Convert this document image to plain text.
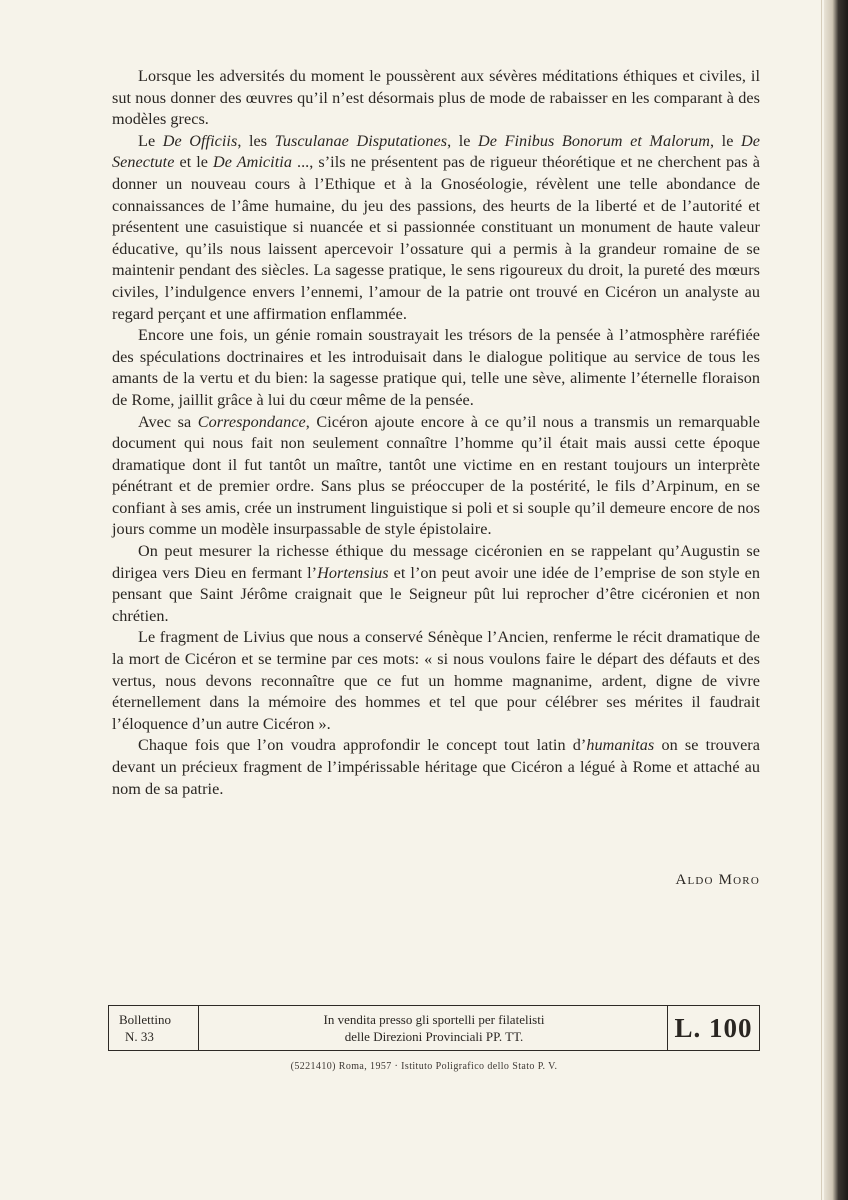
Lorsque les adversités du moment le poussèrent aux sévères méditations éthiques et civiles, il sut nous donner des œuvres qu’il n’est désormais plus de mode de rabaisser en les comparant à des modèles grecs.

Le De Officiis, les Tusculanae Disputationes, le De Finibus Bonorum et Malorum, le De Senectute et le De Amicitia ..., s’ils ne présentent pas de rigueur théorétique et ne cherchent pas à donner un nouveau cours à l’Ethique et à la Gnoséologie, révèlent une telle abondance de connaissances de l’âme humaine, du jeu des passions, des heurts de la liberté et de l’autorité et présentent une casuistique si nuancée et si passionnée constituant un monument de haute valeur éducative, qu’ils nous laissent apercevoir l’ossature qui a permis à la grandeur romaine de se maintenir pendant des siècles. La sagesse pratique, le sens rigoureux du droit, la pureté des mœurs civiles, l’indulgence envers l’ennemi, l’amour de la patrie ont trouvé en Cicéron un analyste au regard perçant et une affirmation enflammée.

Encore une fois, un génie romain soustrayait les trésors de la pensée à l’atmosphère raréfiée des spéculations doctrinaires et les introduisait dans le dialogue politique au service de tous les amants de la vertu et du bien: la sagesse pratique qui, telle une sève, alimente l’éternelle floraison de Rome, jaillit grâce à lui du cœur même de la pensée.

Avec sa Correspondance, Cicéron ajoute encore à ce qu’il nous a transmis un remarquable document qui nous fait non seulement connaître l’homme qu’il était mais aussi cette époque dramatique dont il fut tantôt un maître, tantôt une victime en en restant toujours un interprète pénétrant et de premier ordre. Sans plus se préoccuper de la postérité, le fils d’Arpinum, en se confiant à ses amis, crée un instrument linguistique si poli et si souple qu’il demeure encore de nos jours comme un modèle insurpassable de style épistolaire.

On peut mesurer la richesse éthique du message cicéronien en se rappelant qu’Augustin se dirigea vers Dieu en fermant l’Hortensius et l’on peut avoir une idée de l’emprise de son style en pensant que Saint Jérôme craignait que le Seigneur pût lui reprocher d’être cicéronien et non chrétien.

Le fragment de Livius que nous a conservé Sénèque l’Ancien, renferme le récit dramatique de la mort de Cicéron et se termine par ces mots: « si nous voulons faire le départ des défauts et des vertus, nous devons reconnaître que ce fut un homme magnanime, ardent, digne de vivre éternellement dans la mémoire des hommes et tel que pour célébrer ses mérites il faudrait l’éloquence d’un autre Cicéron ».

Chaque fois que l’on voudra approfondir le concept tout latin d’humanitas on se trouvera devant un précieux fragment de l’impérissable héritage que Cicéron a légué à Rome et attaché au nom de sa patrie.

Aldo Moro
Bollettino
N. 33
In vendita presso gli sportelli per filatelisti
delle Direzioni Provinciali PP. TT.	L. 100
(5221410) Roma, 1957 · Istituto Poligrafico dello Stato P. V.
